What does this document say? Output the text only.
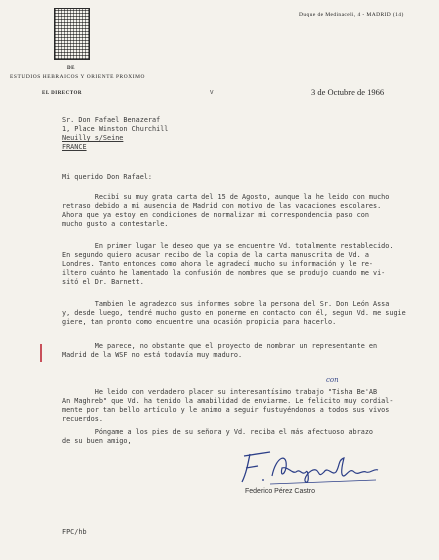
DE
ESTUDIOS HEBRAICOS Y ORIENTE PROXIMO
EL DIRECTOR	v
Duque de Medinaceli, 4 - MADRID (14)
3 de Octubre de 1966
Sr. Don Fafael Benazeraf
1, Place Winston Churchill
Neuilly s/Seine
FRANCE
Mi querido Don Rafael:
Recibí su muy grata carta del 15 de Agosto, aunque la he leido con mucho
retraso debido a mi ausencia de Madrid con motivo de las vacaciones escolares.
Ahora que ya estoy en condiciones de normalizar mi correspondencia paso con
mucho gusto a contestarle.
En primer lugar le deseo que ya se encuentre Vd. totalmente restablecido.
En segundo quiero acusar recibo de la copia de la carta manuscrita de Vd. a
Londres. Tanto entonces como ahora le agradecí mucho su información y le re-
iltero cuánto he lamentado la confusión de nombres que se produjo cuando me vi-
sitó el Dr. Barnett.
Tambien le agradezco sus informes sobre la persona del Sr. Don León Assa
y, desde luego, tendré mucho gusto en ponerme en contacto con él, segun Vd. me sugie
giere, tan pronto como encuentre una ocasión propicia para hacerlo.
Me parece, no obstante que el proyecto de nombrar un representante en
Madrid de la WSF no está todavía muy maduro.
con
He leido con verdadero placer su interesantísimo trabajo "Tisha Be'AB
An Maghreb" que Vd. ha tenido la amabilidad de enviarme. Le felicito muy cordial-
mente por tan bello artículo y le animo a seguir fustuyéndonos a todos sus vivos
recuerdos.
Póngame a los pies de su señora y Vd. reciba el más afectuoso abrazo
de su buen amigo,
Federico Pérez Castro
FPC/hb
